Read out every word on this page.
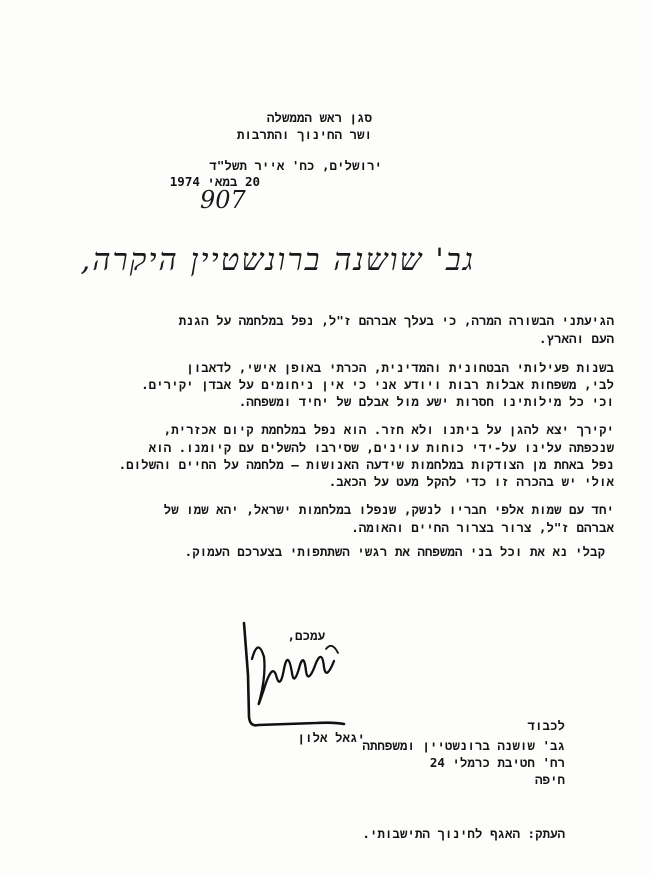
סגן ראש הממשלה
ושר החינוך והתרבות
ירושלים, כח' אייר תשל"ד
20 במאי 1974
907
גב' שושנה ברונשטיין היקרה,
הגיעתני הבשורה המרה, כי בעלך אברהם ז"ל, נפל במלחמה על הגנת
העם והארץ.
בשנות פעילותי הבטחונית והמדינית, הכרתי באופן אישי, לדאבון
לבי, משפחות אבלות רבות ויודע אני כי אין ניחומים על אבדן יקירים.
וכי כל מילותינו חסרות ישע מול אבלם של יחיד ומשפחה.
יקירך יצא להגן על ביתנו ולא חזר. הוא נפל במלחמת קיום אכזרית,
שנכפתה עלינו על-ידי כוחות עוינים, שסירבו להשלים עם קיומנו. הוא
נפל באחת מן הצודקות במלחמות שידעה האנושות – מלחמה על החיים והשלום.
אולי יש בהכרה זו כדי להקל מעט על הכאב.
יחד עם שמות אלפי חבריו לנשק, שנפלו במלחמות ישראל, יהא שמו של
אברהם ז"ל, צרור בצרור החיים והאומה.
קבלי נא את וכל בני המשפחה את רגשי השתתפותי בצערכם העמוק.
עמכם,
יגאל אלון
לכבוד
גב' שושנה ברונשטיין ומשפחתה
רח' חטיבת כרמלי 24
חיפה
העתק: האגף לחינוך התישבותי.
